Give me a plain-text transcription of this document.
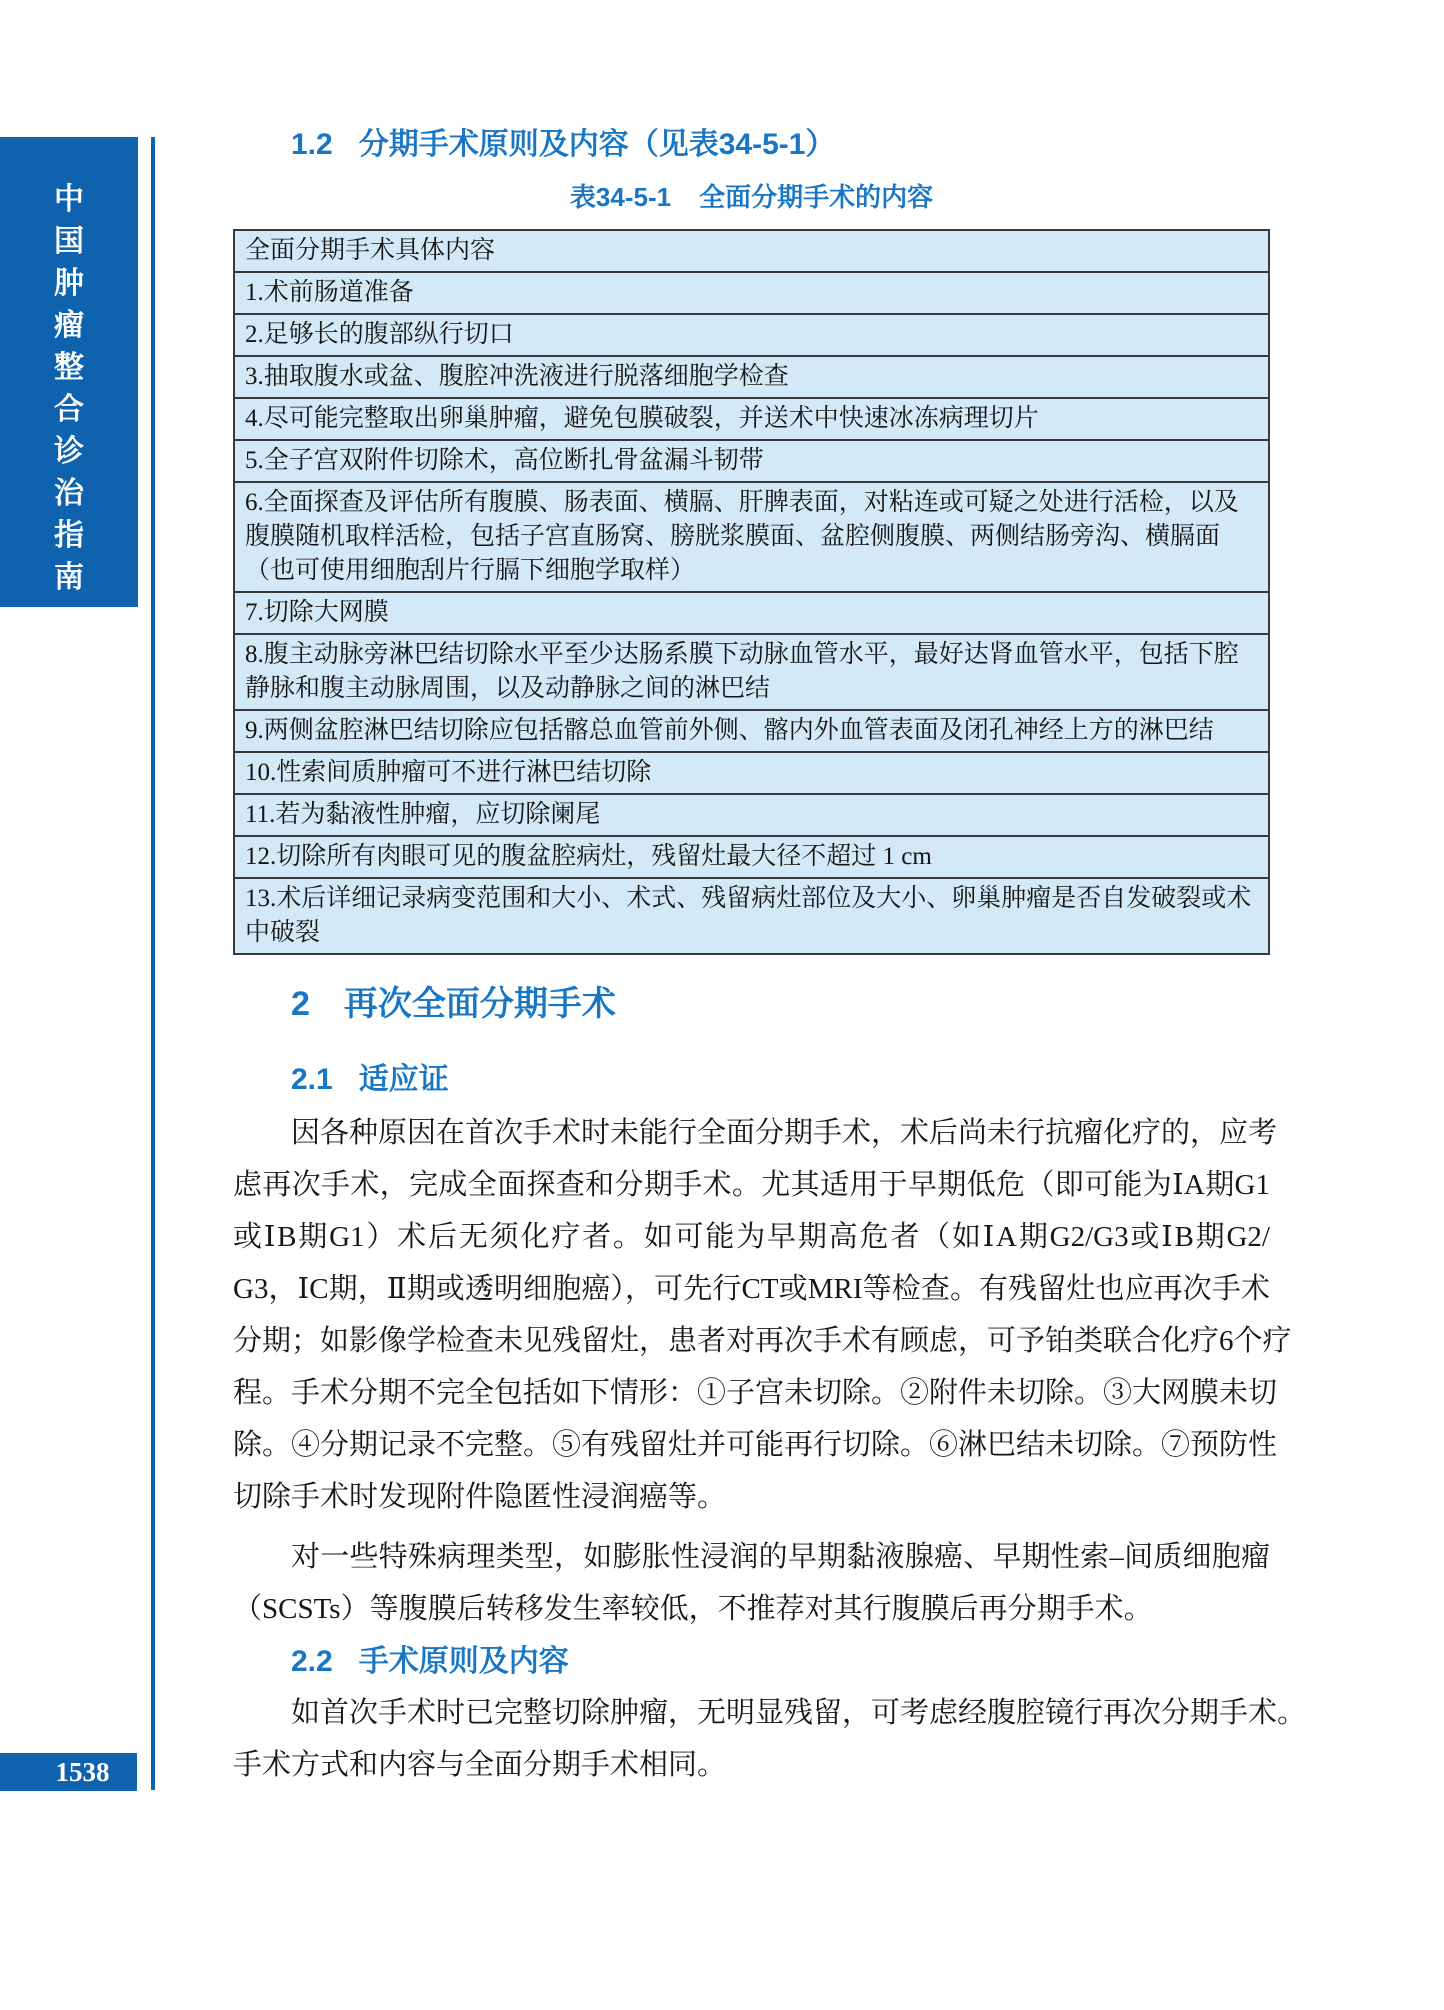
中
国
肿
瘤
整
合
诊
治
指
南
1538
1.2 分期手术原则及内容（见表34-5-1）
表34-5-1 全面分期手术的内容
全面分期手术具体内容
1.术前肠道准备
2.足够长的腹部纵行切口
3.抽取腹水或盆、腹腔冲洗液进行脱落细胞学检查
4.尽可能完整取出卵巢肿瘤，避免包膜破裂，并送术中快速冰冻病理切片
5.全子宫双附件切除术，高位断扎骨盆漏斗韧带
6.全面探查及评估所有腹膜、肠表面、横膈、肝脾表面，对粘连或可疑之处进行活检，以及腹膜随机取样活检，包括子宫直肠窝、膀胱浆膜面、盆腔侧腹膜、两侧结肠旁沟、横膈面（也可使用细胞刮片行膈下细胞学取样）
7.切除大网膜
8.腹主动脉旁淋巴结切除水平至少达肠系膜下动脉血管水平，最好达肾血管水平，包括下腔静脉和腹主动脉周围，以及动静脉之间的淋巴结
9.两侧盆腔淋巴结切除应包括髂总血管前外侧、髂内外血管表面及闭孔神经上方的淋巴结
10.性索间质肿瘤可不进行淋巴结切除
11.若为黏液性肿瘤，应切除阑尾
12.切除所有肉眼可见的腹盆腔病灶，残留灶最大径不超过 1 cm
13.术后详细记录病变范围和大小、术式、残留病灶部位及大小、卵巢肿瘤是否自发破裂或术中破裂
2 再次全面分期手术
2.1 适应证
因各种原因在首次手术时未能行全面分期手术，术后尚未行抗瘤化疗的，应考
虑再次手术，完成全面探查和分期手术。尤其适用于早期低危（即可能为ⅠA期G1
或ⅠB期G1）术后无须化疗者。如可能为早期高危者（如ⅠA期G2/G3或ⅠB期G2/
G3，ⅠC期，Ⅱ期或透明细胞癌），可先行CT或MRI等检查。有残留灶也应再次手术
分期；如影像学检查未见残留灶，患者对再次手术有顾虑，可予铂类联合化疗6个疗
程。手术分期不完全包括如下情形：①子宫未切除。②附件未切除。③大网膜未切
除。④分期记录不完整。⑤有残留灶并可能再行切除。⑥淋巴结未切除。⑦预防性
切除手术时发现附件隐匿性浸润癌等。
对一些特殊病理类型，如膨胀性浸润的早期黏液腺癌、早期性索–间质细胞瘤
（SCSTs）等腹膜后转移发生率较低，不推荐对其行腹膜后再分期手术。
2.2 手术原则及内容
如首次手术时已完整切除肿瘤，无明显残留，可考虑经腹腔镜行再次分期手术。
手术方式和内容与全面分期手术相同。
